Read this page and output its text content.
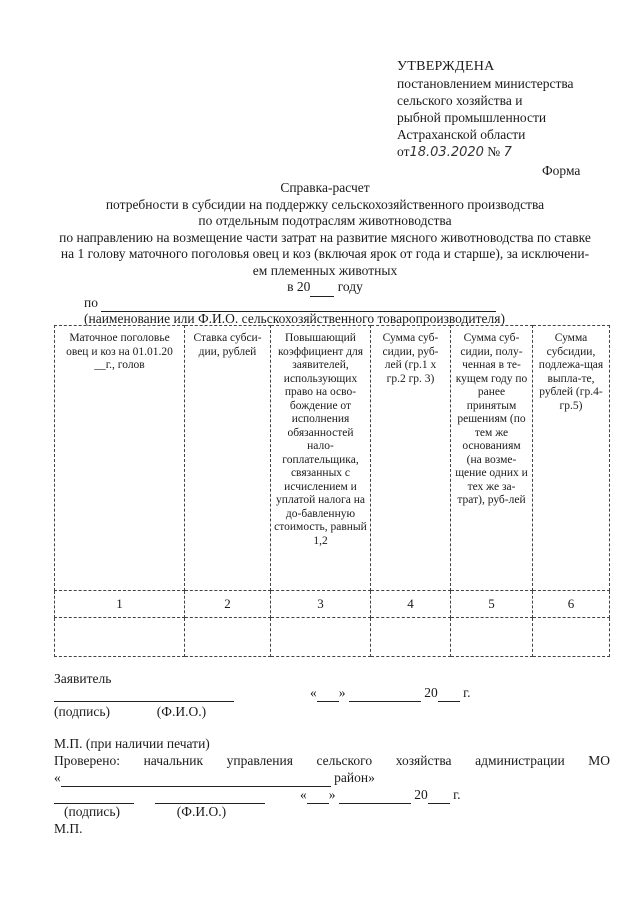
УТВЕРЖДЕНА
постановлением министерства
сельского хозяйства и
рыбной промышленности
Астраханской области
от18.03.2020 № 7
Форма
Справка-расчет
потребности в субсидии на поддержку сельскохозяйственного производства
по отдельным подотраслям животноводства
по направлению на возмещение части затрат на развитие мясного животноводства по ставке
на 1 голову маточного поголовья овец и коз (включая ярок от года и старше), за исключени-
ем племенных животных
в 20 году
по
(наименование или Ф.И.О. сельскохозяйственного товаропроизводителя)
Маточное поголовье овец и коз на 01.01.20 __г., голов	Ставка субси-дии, рублей	Повышающий коэффициент для заявителей, использующих право на осво-бождение от исполнения обязанностей нало-гоплательщика, связанных с исчислением и уплатой налога на до-бавленную стоимость, равный 1,2	Сумма суб-сидии, руб-лей (гр.1 x гр.2 гр. 3)	Сумма суб-сидии, полу-ченная в те-кущем году по ранее принятым решениям (по тем же основаниям (на возме-щение одних и тех же за-трат), руб-лей	Сумма субсидии, подлежа-щая выпла-те, рублей (гр.4-гр.5)
1	2	3	4	5	6

Заявитель

« »	20 г.
(подпись)	(Ф.И.О.)
М.П. (при наличии печати)
Проверено: начальник управления сельского хозяйства администрации МО
«	район»

« »	20 г.
(подпись)	(Ф.И.О.)
М.П.
